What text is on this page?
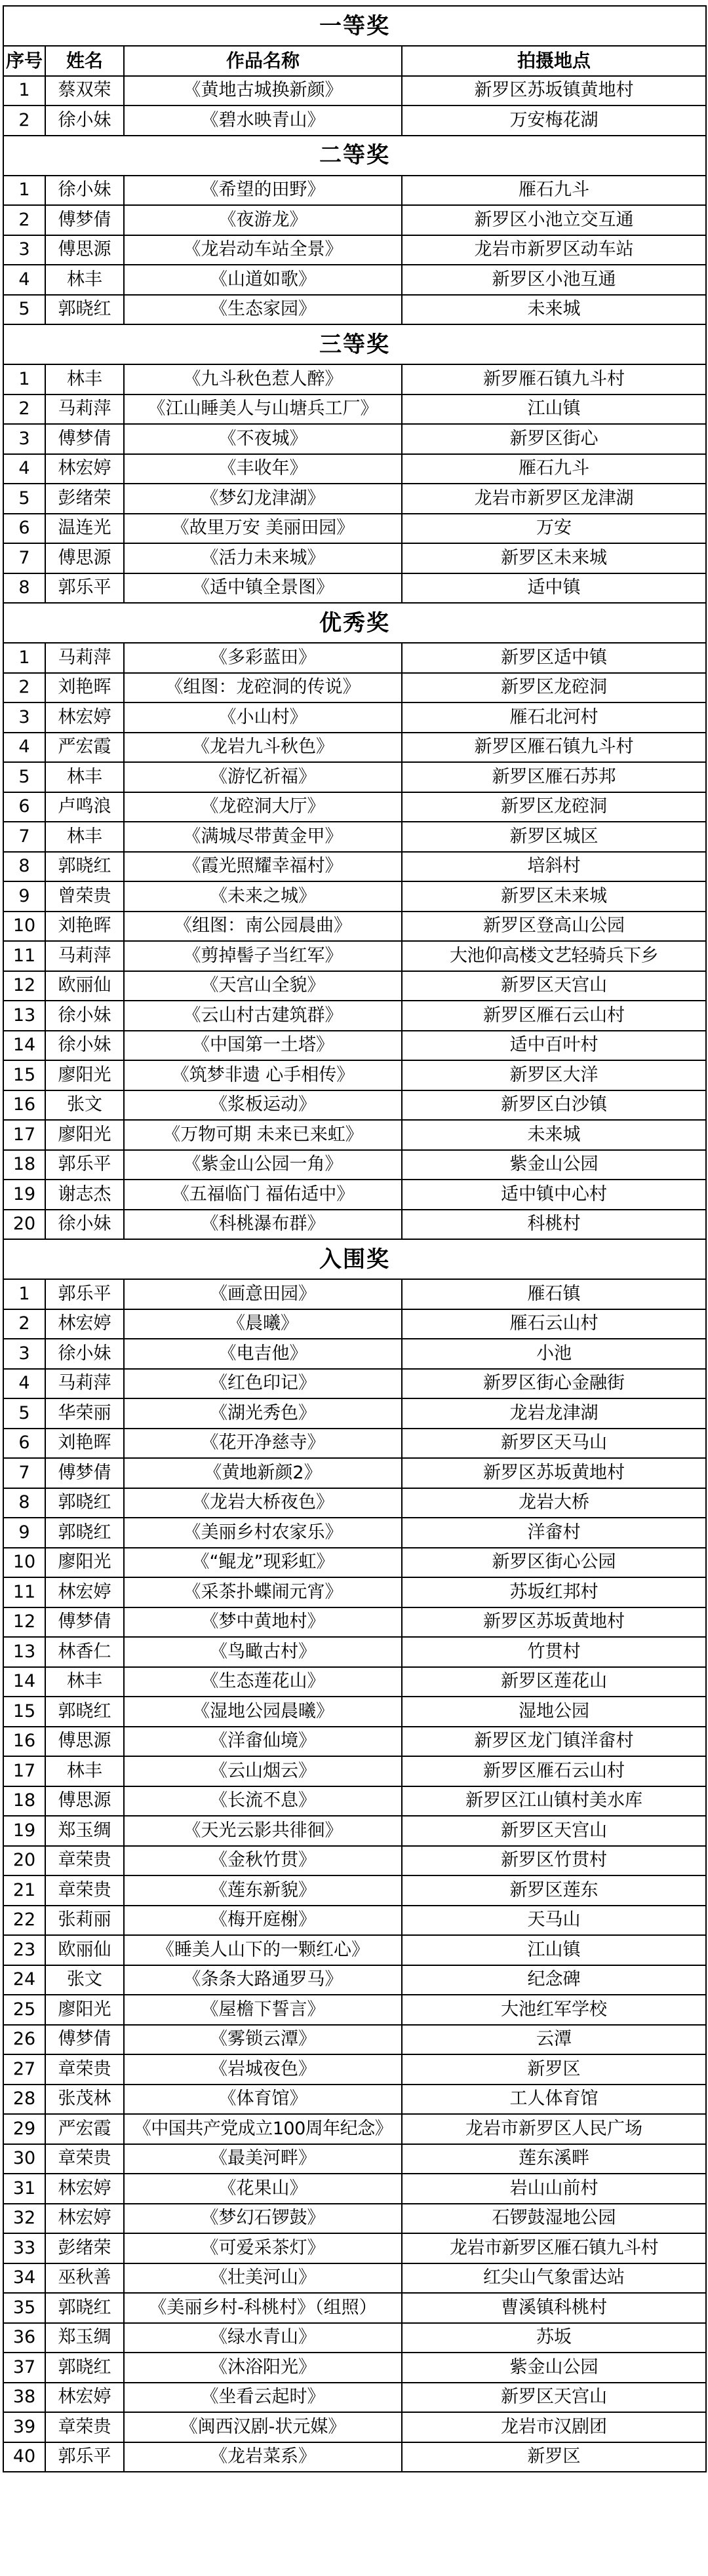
一等奖			
序号	姓名	作品名称	拍摄地点
1	蔡双荣	《黄地古城换新颜》	新罗区苏坂镇黄地村
2	徐小妹	《碧水映青山》	万安梅花湖
二等奖			
1	徐小妹	《希望的田野》	雁石九斗
2	傅梦倩	《夜游龙》	新罗区小池立交互通
3	傅思源	《龙岩动车站全景》	龙岩市新罗区动车站
4	林丰	《山道如歌》	新罗区小池互通
5	郭晓红	《生态家园》	未来城
三等奖			
1	林丰	《九斗秋色惹人醉》	新罗雁石镇九斗村
2	马莉萍	《江山睡美人与山塘兵工厂》	江山镇
3	傅梦倩	《不夜城》	新罗区街心
4	林宏婷	《丰收年》	雁石九斗
5	彭绪荣	《梦幻龙津湖》	龙岩市新罗区龙津湖
6	温连光	《故里万安 美丽田园》	万安
7	傅思源	《活力未来城》	新罗区未来城
8	郭乐平	《适中镇全景图》	适中镇
优秀奖			
1	马莉萍	《多彩蓝田》	新罗区适中镇
2	刘艳晖	《组图：龙硿洞的传说》	新罗区龙硿洞
3	林宏婷	《小山村》	雁石北河村
4	严宏霞	《龙岩九斗秋色》	新罗区雁石镇九斗村
5	林丰	《游忆祈福》	新罗区雁石苏邦
6	卢鸣浪	《龙硿洞大厅》	新罗区龙硿洞
7	林丰	《满城尽带黄金甲》	新罗区城区
8	郭晓红	《霞光照耀幸福村》	培斜村
9	曾荣贵	《未来之城》	新罗区未来城
10	刘艳晖	《组图：南公园晨曲》	新罗区登高山公园
11	马莉萍	《剪掉髻子当红军》	大池仰高楼文艺轻骑兵下乡
12	欧丽仙	《天宫山全貌》	新罗区天宫山
13	徐小妹	《云山村古建筑群》	新罗区雁石云山村
14	徐小妹	《中国第一土塔》	适中百叶村
15	廖阳光	《筑梦非遗 心手相传》	新罗区大洋
16	张文	《浆板运动》	新罗区白沙镇
17	廖阳光	《万物可期 未来已来虹》	未来城
18	郭乐平	《紫金山公园一角》	紫金山公园
19	谢志杰	《五福临门 福佑适中》	适中镇中心村
20	徐小妹	《科桃瀑布群》	科桃村
入围奖			
1	郭乐平	《画意田园》	雁石镇
2	林宏婷	《晨曦》	雁石云山村
3	徐小妹	《电吉他》	小池
4	马莉萍	《红色印记》	新罗区街心金融街
5	华荣丽	《湖光秀色》	龙岩龙津湖
6	刘艳晖	《花开净慈寺》	新罗区天马山
7	傅梦倩	《黄地新颜2》	新罗区苏坂黄地村
8	郭晓红	《龙岩大桥夜色》	龙岩大桥
9	郭晓红	《美丽乡村农家乐》	洋畲村
10	廖阳光	《“鲲龙”现彩虹》	新罗区街心公园
11	林宏婷	《采茶扑蝶闹元宵》	苏坂红邦村
12	傅梦倩	《梦中黄地村》	新罗区苏坂黄地村
13	林香仁	《鸟瞰古村》	竹贯村
14	林丰	《生态莲花山》	新罗区莲花山
15	郭晓红	《湿地公园晨曦》	湿地公园
16	傅思源	《洋畲仙境》	新罗区龙门镇洋畲村
17	林丰	《云山烟云》	新罗区雁石云山村
18	傅思源	《长流不息》	新罗区江山镇村美水库
19	郑玉绸	《天光云影共徘徊》	新罗区天宫山
20	章荣贵	《金秋竹贯》	新罗区竹贯村
21	章荣贵	《莲东新貌》	新罗区莲东
22	张莉丽	《梅开庭榭》	天马山
23	欧丽仙	《睡美人山下的一颗红心》	江山镇
24	张文	《条条大路通罗马》	纪念碑
25	廖阳光	《屋檐下誓言》	大池红军学校
26	傅梦倩	《雾锁云潭》	云潭
27	章荣贵	《岩城夜色》	新罗区
28	张茂林	《体育馆》	工人体育馆
29	严宏霞	《中国共产党成立100周年纪念》	龙岩市新罗区人民广场
30	章荣贵	《最美河畔》	莲东溪畔
31	林宏婷	《花果山》	岩山山前村
32	林宏婷	《梦幻石锣鼓》	石锣鼓湿地公园
33	彭绪荣	《可爱采茶灯》	龙岩市新罗区雁石镇九斗村
34	巫秋善	《壮美河山》	红尖山气象雷达站
35	郭晓红	《美丽乡村-科桃村》（组照）	曹溪镇科桃村
36	郑玉绸	《绿水青山》	苏坂
37	郭晓红	《沐浴阳光》	紫金山公园
38	林宏婷	《坐看云起时》	新罗区天宫山
39	章荣贵	《闽西汉剧-状元媒》	龙岩市汉剧团
40	郭乐平	《龙岩菜系》	新罗区
